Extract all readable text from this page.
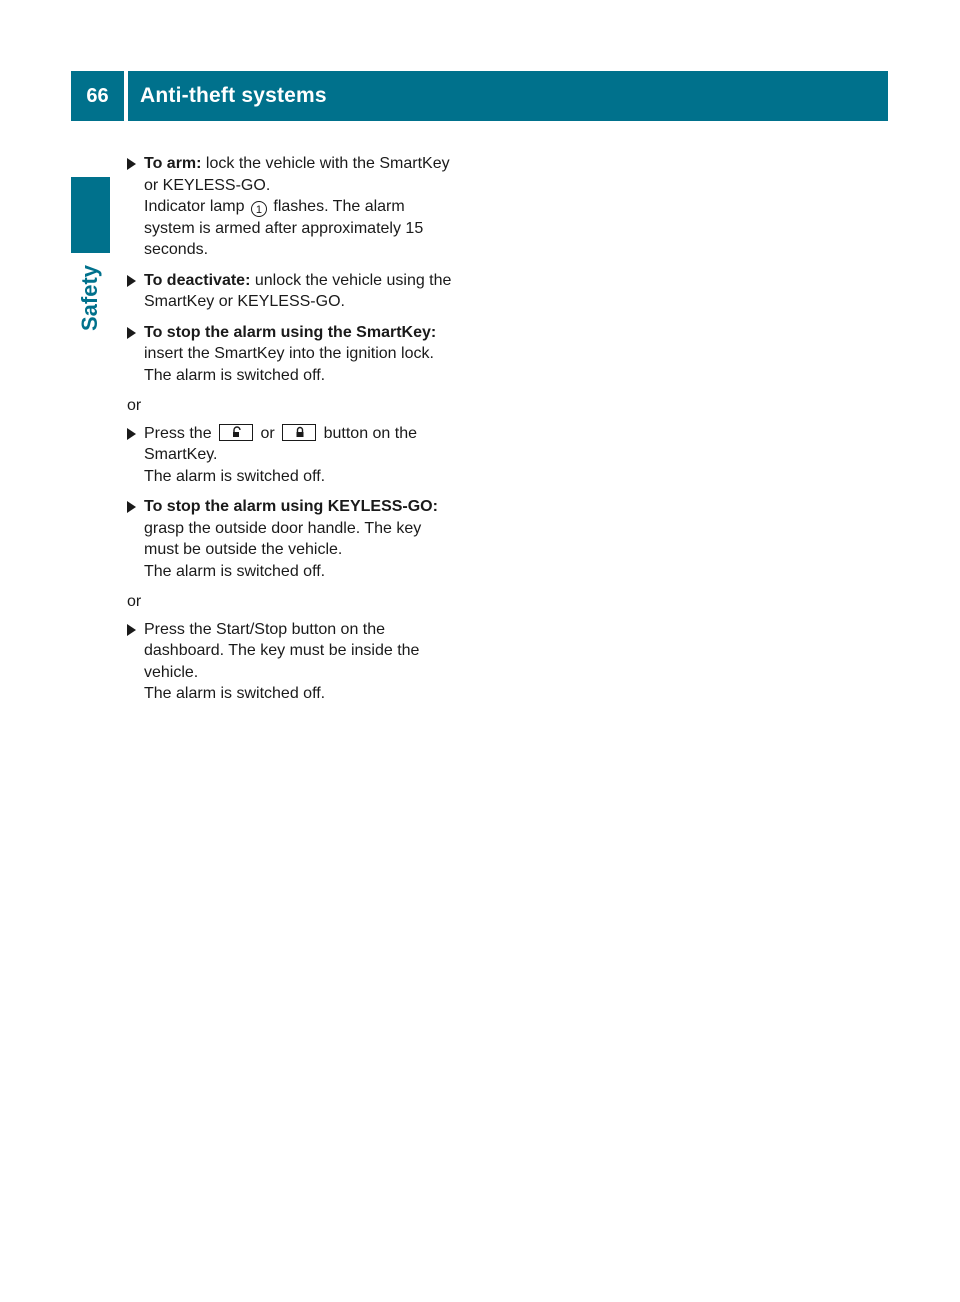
66	Anti-theft systems
Safety
To arm: lock the vehicle with the SmartKey
or KEYLESS-GO.
Indicator lamp 1 flashes. The alarm
system is armed after approximately 15
seconds.
To deactivate: unlock the vehicle using the
SmartKey or KEYLESS-GO.
To stop the alarm using the SmartKey:
insert the SmartKey into the ignition lock.
The alarm is switched off.
or
Press the	or	button on the
SmartKey.
The alarm is switched off.
To stop the alarm using KEYLESS-GO:
grasp the outside door handle. The key
must be outside the vehicle.
The alarm is switched off.
or
Press the Start/Stop button on the
dashboard. The key must be inside the
vehicle.
The alarm is switched off.
